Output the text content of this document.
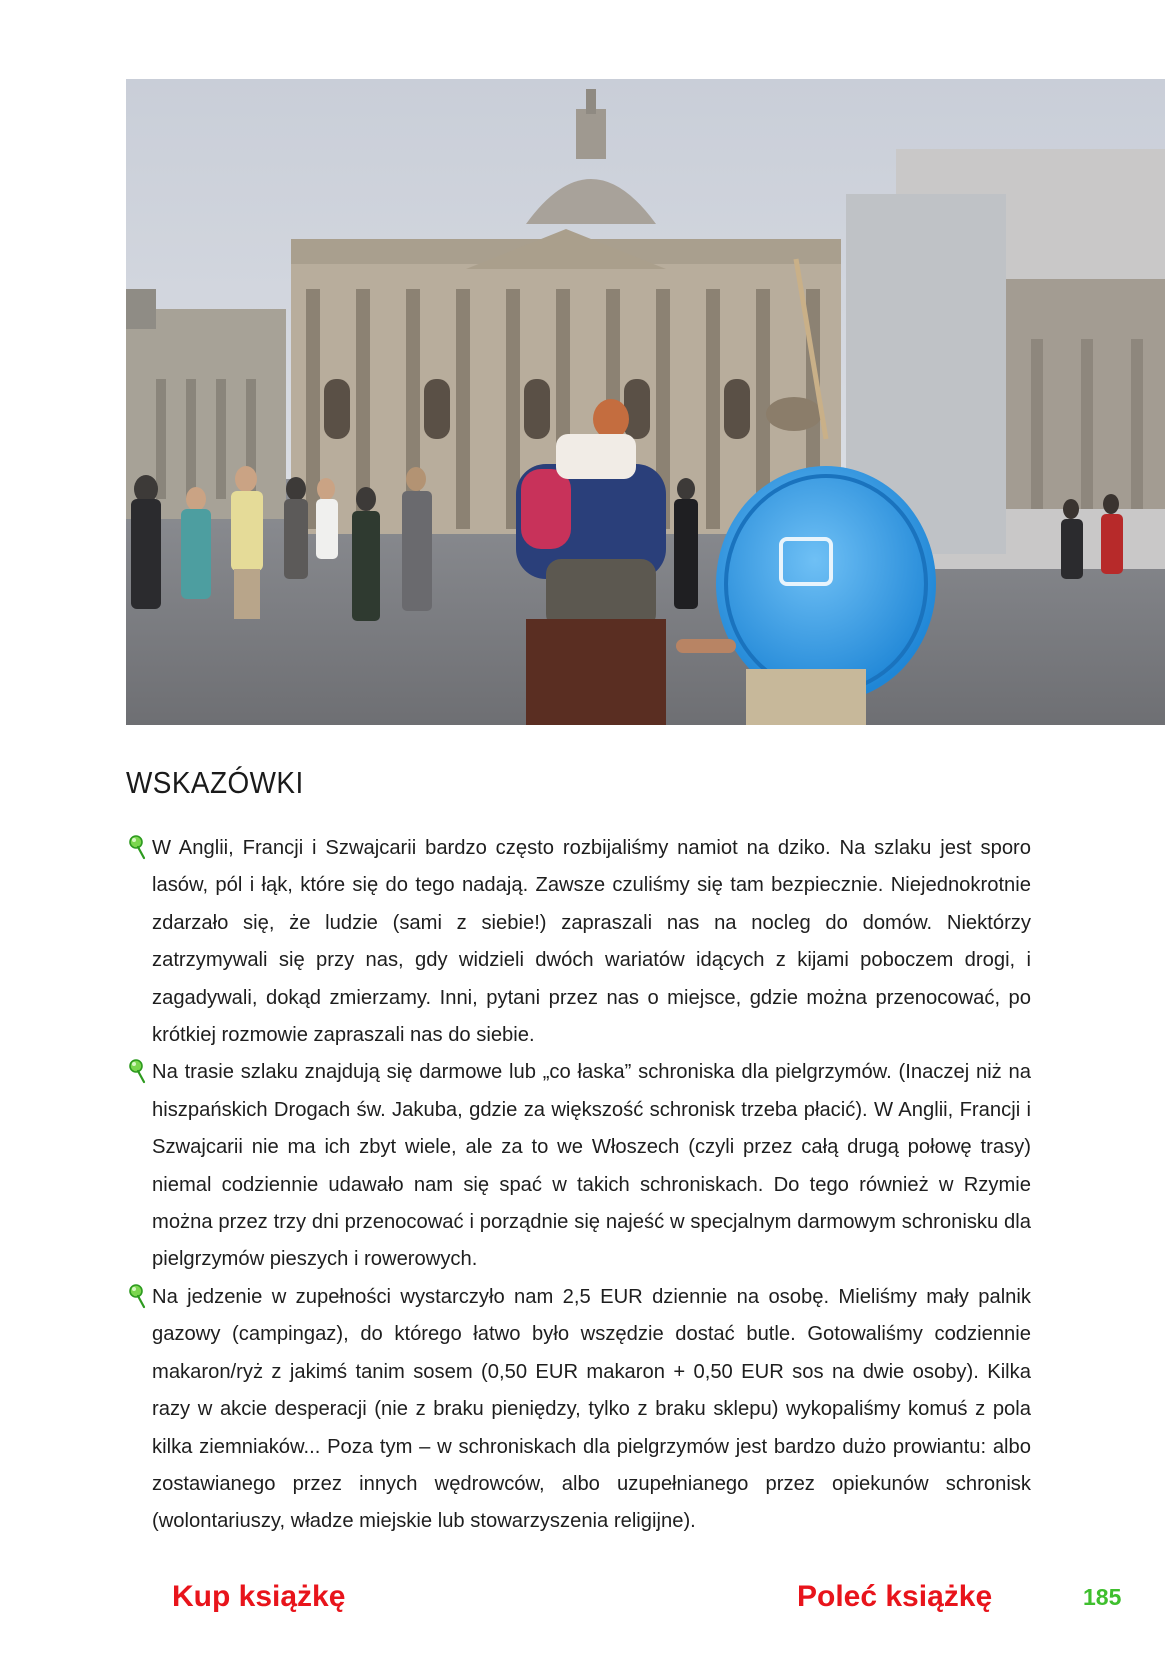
WSKAZÓWKI
W Anglii, Francji i Szwajcarii bardzo często rozbijaliśmy namiot na dziko. Na szlaku jest sporo lasów, pól i łąk, które się do tego nadają. Zawsze czuliśmy się tam bezpiecznie. Niejednokrotnie zdarzało się, że ludzie (sami z siebie!) zapraszali nas na nocleg do domów. Niektórzy zatrzymywali się przy nas, gdy widzieli dwóch wariatów idących z kijami poboczem drogi, i zagadywali, dokąd zmierzamy. Inni, pytani przez nas o miejsce, gdzie można przenocować, po krótkiej rozmowie zapraszali nas do siebie.
Na trasie szlaku znajdują się darmowe lub „co łaska” schroniska dla pielgrzymów. (Inaczej niż na hiszpańskich Drogach św. Jakuba, gdzie za większość schronisk trzeba płacić). W Anglii, Francji i Szwajcarii nie ma ich zbyt wiele, ale za to we Włoszech (czyli przez całą drugą połowę trasy) niemal codziennie udawało nam się spać w takich schroniskach. Do tego również w Rzymie można przez trzy dni przenocować i porządnie się najeść w specjalnym darmowym schronisku dla pielgrzymów pieszych i rowerowych.
Na jedzenie w zupełności wystarczyło nam 2,5 EUR dziennie na osobę. Mieliśmy mały palnik gazowy (campingaz), do którego łatwo było wszędzie dostać butle. Gotowaliśmy codziennie makaron/ryż z jakimś tanim sosem (0,50 EUR makaron + 0,50 EUR sos na dwie osoby). Kilka razy w akcie desperacji (nie z braku pieniędzy, tylko z braku sklepu) wykopaliśmy komuś z pola kilka ziemniaków... Poza tym – w schroniskach dla pielgrzymów jest bardzo dużo prowiantu: albo zostawianego przez innych wędrowców, albo uzupełnianego przez opiekunów schronisk (wolontariuszy, władze miejskie lub stowarzyszenia religijne).
Kup książkę	Poleć książkę	185
